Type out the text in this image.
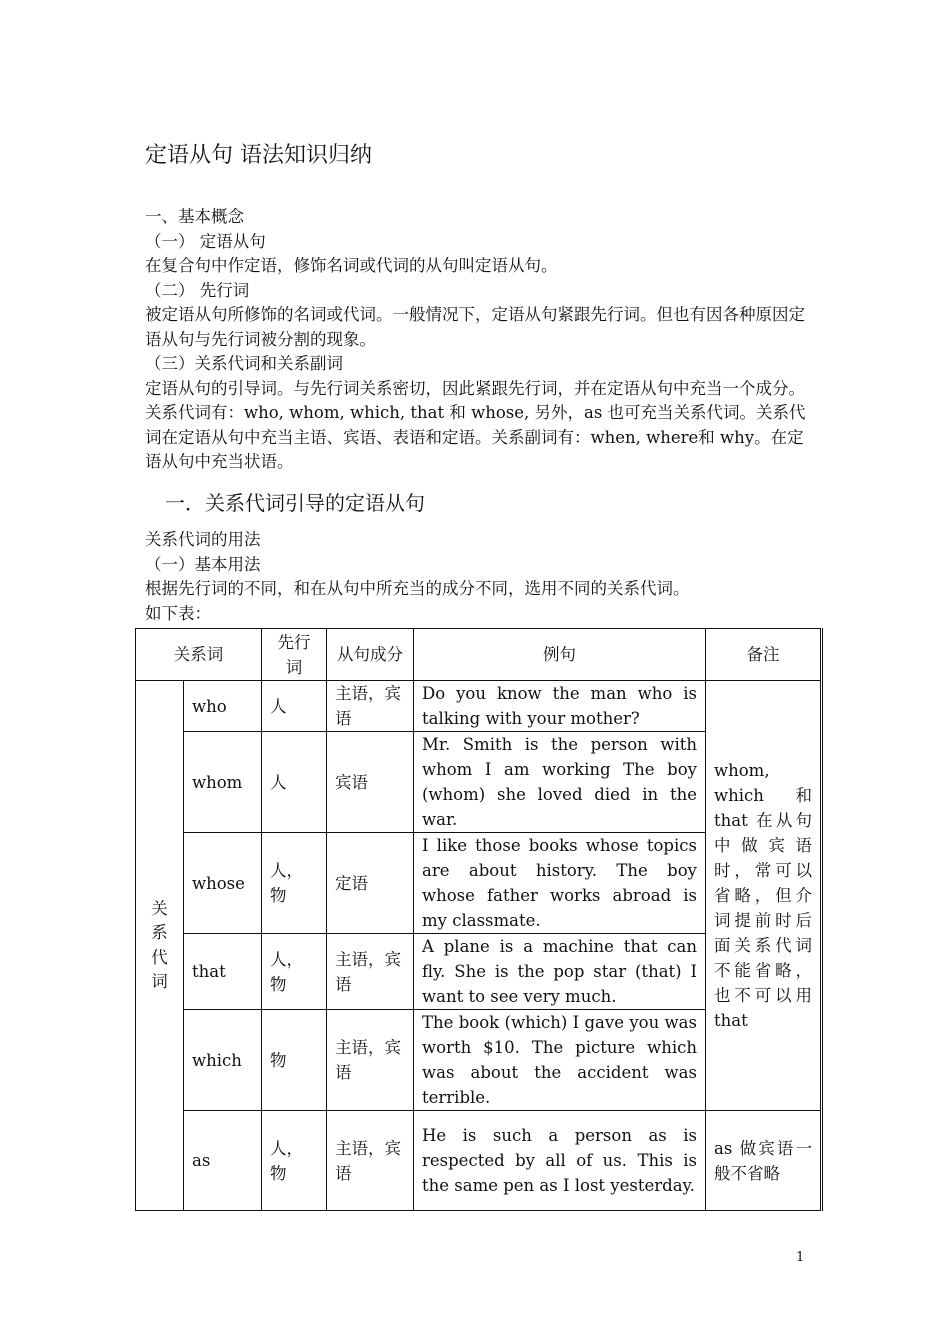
定语从句 语法知识归纳

一、基本概念

（一） 定语从句

在复合句中作定语，修饰名词或代词的从句叫定语从句。

（二） 先行词

被定语从句所修饰的名词或代词。一般情况下，定语从句紧跟先行词。但也有因各种原因定语从句与先行词被分割的现象。

（三）关系代词和关系副词

定语从句的引导词。与先行词关系密切，因此紧跟先行词，并在定语从句中充当一个成分。关系代词有：who, whom, which, that 和 whose, 另外，as 也可充当关系代词。关系代词在定语从句中充当主语、宾语、表语和定语。关系副词有：when, where和 why。在定语从句中充当状语。

一．关系代词引导的定语从句

关系代词的用法

（一）基本用法

根据先行词的不同，和在从句中所充当的成分不同，选用不同的关系代词。

如下表：

关系词		先行词	从句成分	例句	备注
关系代词	who	人	主语，宾语	Do you know the man who is talking with your mother?	whom, which 和 that 在从句中做宾语时，常可以省略，但介词提前时后面关系代词不能省略，也不可以用 that
	whom	人	宾语	Mr. Smith is the person with whom I am working The boy (whom) she loved died in the war.	
	whose	人，物	定语	I like those books whose topics are about history. The boy whose father works abroad is my classmate.	
	that	人，物	主语，宾语	A plane is a machine that can fly. She is the pop star (that) I want to see very much.	
	which	物	主语，宾语	The book (which) I gave you was worth $10. The picture which was about the accident was terrible.	
	as	人，物	主语，宾语	He is such a person as is respected by all of us. This is the same pen as I lost yesterday.	as 做宾语一般不省略
1
